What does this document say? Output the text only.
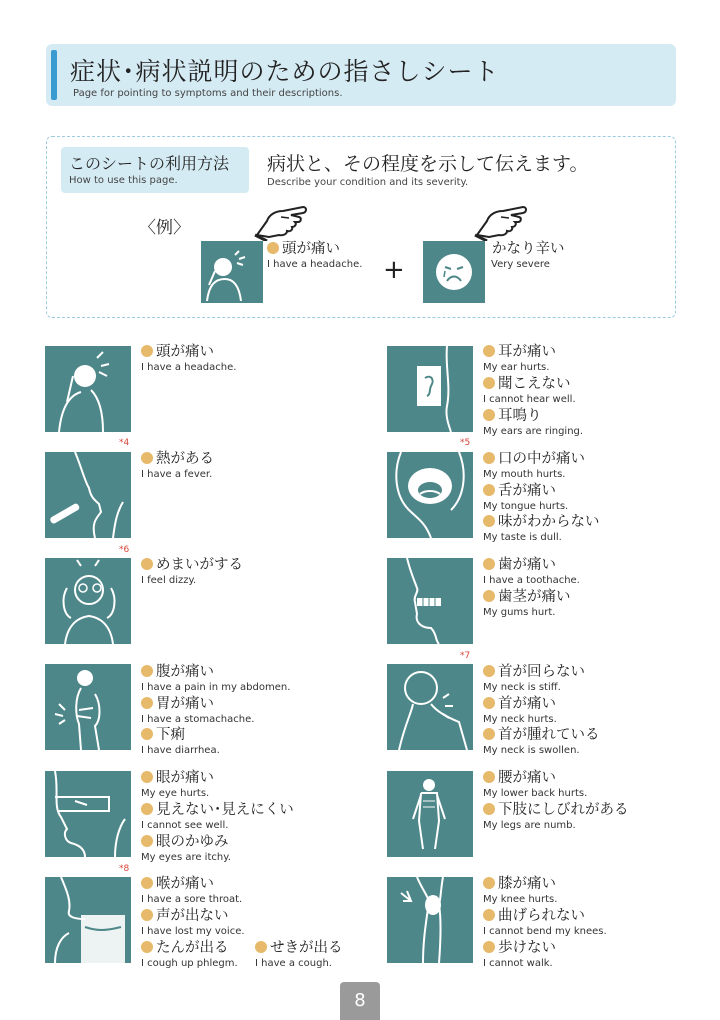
症状･病状説明のための指さしシート
Page for pointing to symptoms and their descriptions.
このシートの利用方法
How to use this page.
病状と、その程度を示して伝えます。
Describe your condition and its severity.
〈例〉
頭が痛い
I have a headache. +
かなり辛い
Very severe
*4
*6
*8
頭が痛い
I have a headache.
熱がある
I have a fever.
めまいがする
I feel dizzy.
腹が痛い
I have a pain in my abdomen.
胃が痛い
I have a stomachache.
下痢
I have diarrhea.
眼が痛い
My eye hurts.
見えない･見えにくい
I cannot see well.
眼のかゆみ
My eyes are itchy.
喉が痛い
I have a sore throat.
声が出ない
I have lost my voice.
たんが出る
I cough up phlegm.
せきが出る
I have a cough.
*5
*7
耳が痛い
My ear hurts.
聞こえない
I cannot hear well.
耳鳴り
My ears are ringing.
口の中が痛い
My mouth hurts.
舌が痛い
My tongue hurts.
味がわからない
My taste is dull.
歯が痛い
I have a toothache.
歯茎が痛い
My gums hurt.
首が回らない
My neck is stiff.
首が痛い
My neck hurts.
首が腫れている
My neck is swollen.
腰が痛い
My lower back hurts.
下肢にしびれがある
My legs are numb.
膝が痛い
My knee hurts.
曲げられない
I cannot bend my knees.
歩けない
I cannot walk.
8
